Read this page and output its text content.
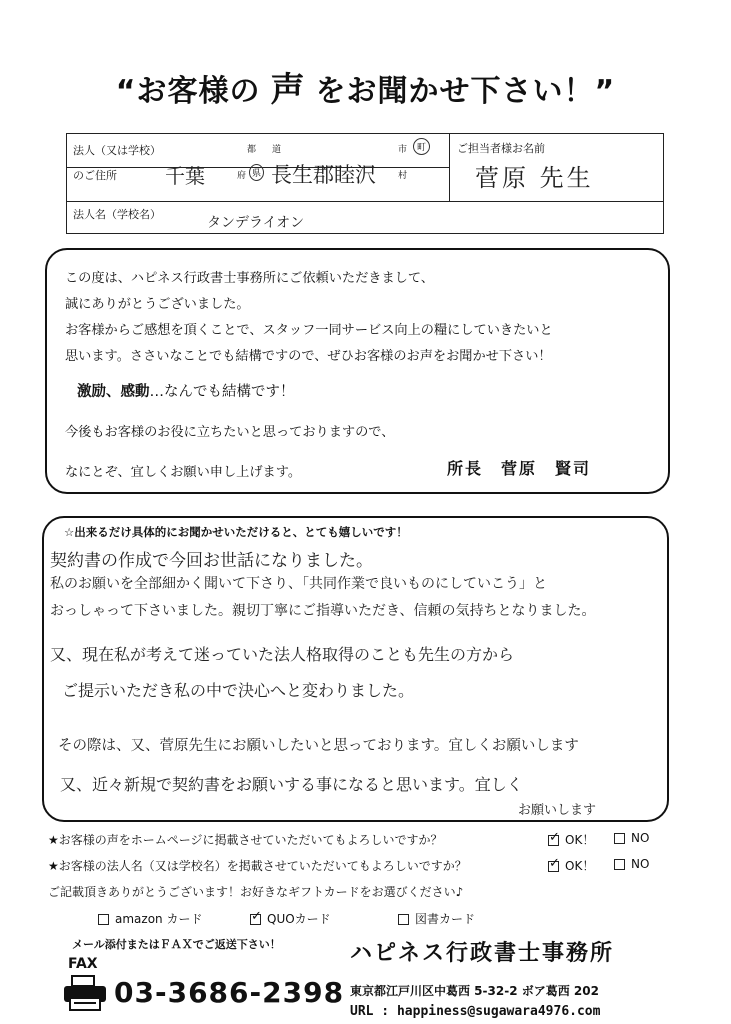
“お客様の 声 をお聞かせ下さい！”
法人（又は学校）	都 道	市	町	ご担当者様お名前
のご住所 千葉	府 県 長生郡睦沢 村	菅原 先生
法人名（学校名）
タンデライオン

この度は、ハピネス行政書士事務所にご依頼いただきまして、

誠にありがとうございました。

お客様からご感想を頂くことで、スタッフ一同サービス向上の糧にしていきたいと

思います。ささいなことでも結構ですので、ぜひお客様のお声をお聞かせ下さい！

激励、感動…なんでも結構です！

今後もお客様のお役に立ちたいと思っておりますので、

なにとぞ、宜しくお願い申し上げます。	所長　菅原　賢司

☆出来るだけ具体的にお聞かせいただけると、とても嬉しいです！
契約書の作成で今回お世話になりました。
私のお願いを全部細かく聞いて下さり、「共同作業で良いものにしていこう」と
おっしゃって下さいました。親切丁寧にご指導いただき、信頼の気持ちとなりました。
又、現在私が考えて迷っていた法人格取得のことも先生の方から
ご提示いただき私の中で決心へと変わりました。
その際は、又、菅原先生にお願いしたいと思っております。宜しくお願いします
又、近々新規で契約書をお願いする事になると思います。宜しく
お願いします
★お客様の声をホームページに掲載させていただいてもよろしいですか？ ✓	OK！	NO
★お客様の法人名（又は学校名）を掲載させていただいてもよろしいですか？ ✓	OK！	NO
ご記載頂きありがとうございます！お好きなギフトカードをお選びください♪
amazon カード ✓	QUOカード	図書カード
メール添付またはＦＡＸでご返送下さい！
FAX
03-3686-2398
ハピネス行政書士事務所
東京都江戸川区中葛西 5-32-2 ボア葛西 202
URL : happiness@sugawara4976.com
